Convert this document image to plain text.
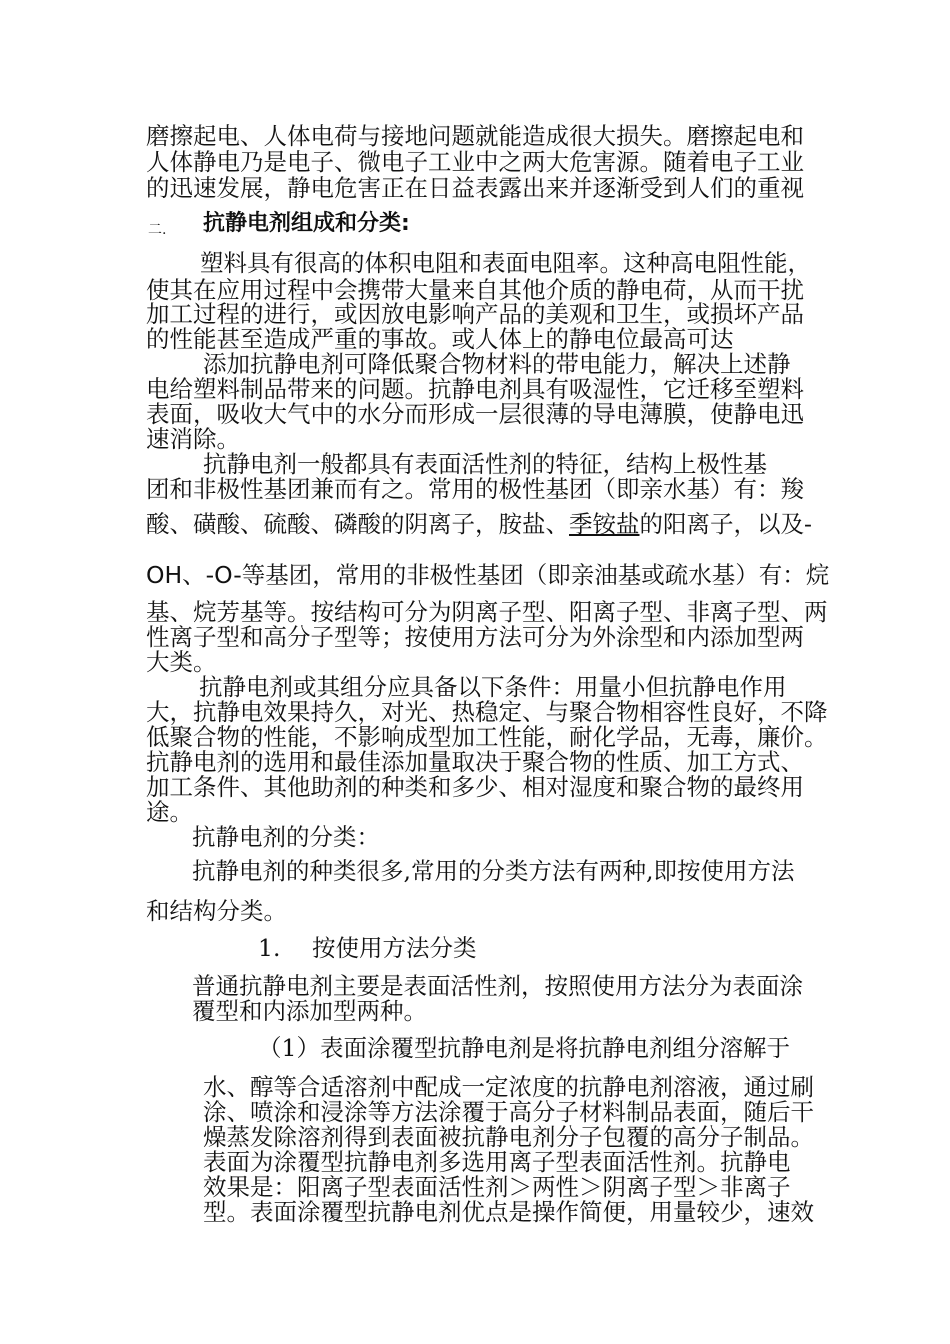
磨擦起电、人体电荷与接地问题就能造成很大损失。磨擦起电和
人体静电乃是电子、微电子工业中之两大危害源。随着电子工业
的迅速发展，静电危害正在日益表露出来并逐渐受到人们的重视
二. 抗静电剂组成和分类:
塑料具有很高的体积电阻和表面电阻率。这种高电阻性能，
使其在应用过程中会携带大量来自其他介质的静电荷，从而干扰
加工过程的进行，或因放电影响产品的美观和卫生，或损坏产品
的性能甚至造成严重的事故。或人体上的静电位最高可达
添加抗静电剂可降低聚合物材料的带电能力，解决上述静
电给塑料制品带来的问题。抗静电剂具有吸湿性，它迁移至塑料
表面，吸收大气中的水分而形成一层很薄的导电薄膜，使静电迅
速消除。
抗静电剂一般都具有表面活性剂的特征，结构上极性基
团和非极性基团兼而有之。常用的极性基团（即亲水基）有：羧
酸、磺酸、硫酸、磷酸的阴离子，胺盐、季铵盐的阳离子，以及-
OH、-O-等基团，常用的非极性基团（即亲油基或疏水基）有：烷
基、烷芳基等。按结构可分为阴离子型、阳离子型、非离子型、两
性离子型和高分子型等；按使用方法可分为外涂型和内添加型两
大类。
抗静电剂或其组分应具备以下条件：用量小但抗静电作用
大，抗静电效果持久，对光、热稳定、与聚合物相容性良好，不降
低聚合物的性能，不影响成型加工性能，耐化学品，无毒，廉价。
抗静电剂的选用和最佳添加量取决于聚合物的性质、加工方式、
加工条件、其他助剂的种类和多少、相对湿度和聚合物的最终用
途。
抗静电剂的分类：
抗静电剂的种类很多,常用的分类方法有两种,即按使用方法
和结构分类。
1. 按使用方法分类
普通抗静电剂主要是表面活性剂，按照使用方法分为表面涂
覆型和内添加型两种。
（1）表面涂覆型抗静电剂是将抗静电剂组分溶解于
水、醇等合适溶剂中配成一定浓度的抗静电剂溶液，通过刷
涂、喷涂和浸涂等方法涂覆于高分子材料制品表面，随后干
燥蒸发除溶剂得到表面被抗静电剂分子包覆的高分子制品。
表面为涂覆型抗静电剂多选用离子型表面活性剂。抗静电
效果是：阳离子型表面活性剂＞两性＞阴离子型＞非离子
型。表面涂覆型抗静电剂优点是操作简便，用量较少，速效
